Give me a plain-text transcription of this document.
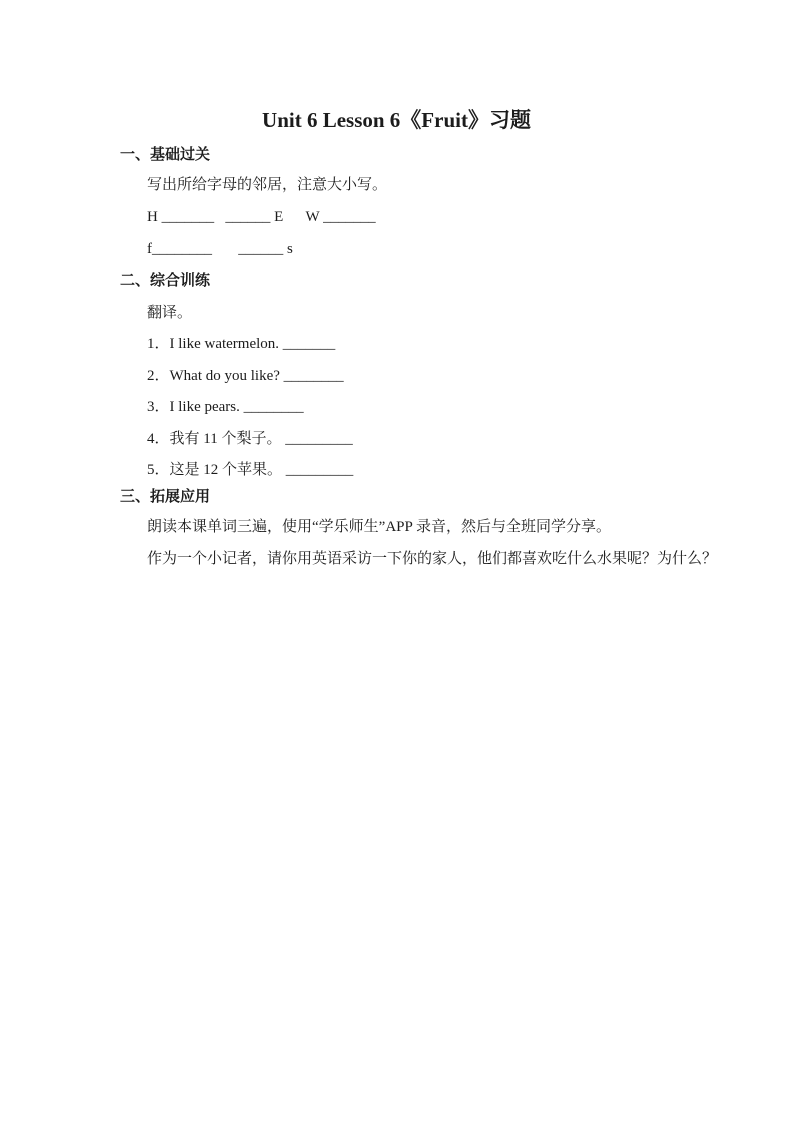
Unit 6 Lesson 6《Fruit》习题
一、基础过关
写出所给字母的邻居，注意大小写。
H _______   ______ E      W _______
f________       ______ s
二、综合训练
翻译。
1．I like watermelon. _______
2．What do you like? ________
3．I like pears. ________
4．我有 11 个梨子。 _________
5．这是 12 个苹果。 _________
三、拓展应用
朗读本课单词三遍，使用“学乐师生”APP 录音，然后与全班同学分享。
作为一个小记者，请你用英语采访一下你的家人，他们都喜欢吃什么水果呢？为什么？
